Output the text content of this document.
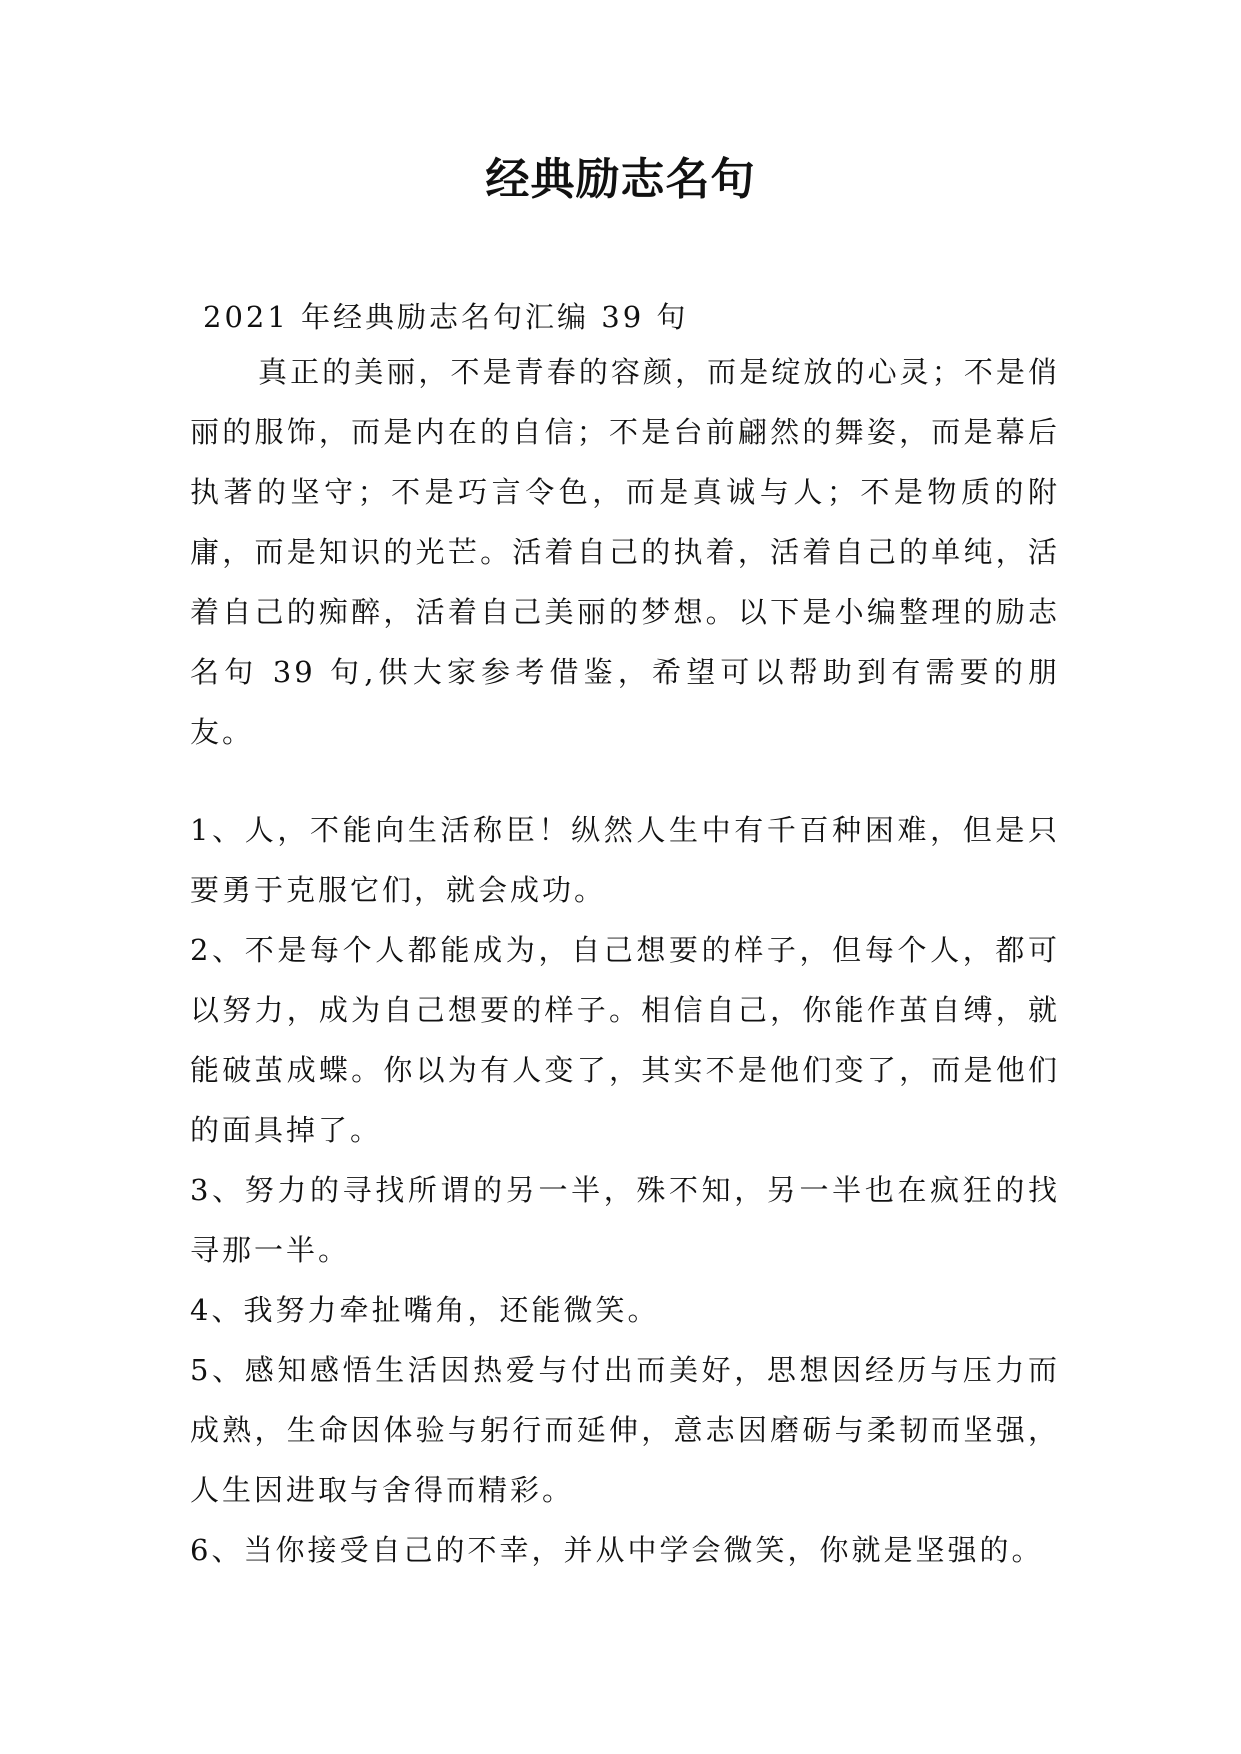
经典励志名句

2021 年经典励志名句汇编 39 句

真正的美丽，不是青春的容颜，而是绽放的心灵；不是俏丽的服饰，而是内在的自信；不是台前翩然的舞姿，而是幕后执著的坚守；不是巧言令色，而是真诚与人；不是物质的附庸，而是知识的光芒。活着自己的执着，活着自己的单纯，活着自己的痴醉，活着自己美丽的梦想。以下是小编整理的励志名句 39 句,供大家参考借鉴，希望可以帮助到有需要的朋友。

1、人，不能向生活称臣！纵然人生中有千百种困难，但是只要勇于克服它们，就会成功。
2、不是每个人都能成为，自己想要的样子，但每个人，都可以努力，成为自己想要的样子。相信自己，你能作茧自缚，就能破茧成蝶。你以为有人变了，其实不是他们变了，而是他们的面具掉了。
3、努力的寻找所谓的另一半，殊不知，另一半也在疯狂的找寻那一半。
4、我努力牵扯嘴角，还能微笑。
5、感知感悟生活因热爱与付出而美好，思想因经历与压力而成熟，生命因体验与躬行而延伸，意志因磨砺与柔韧而坚强，人生因进取与舍得而精彩。
6、当你接受自己的不幸，并从中学会微笑，你就是坚强的。
